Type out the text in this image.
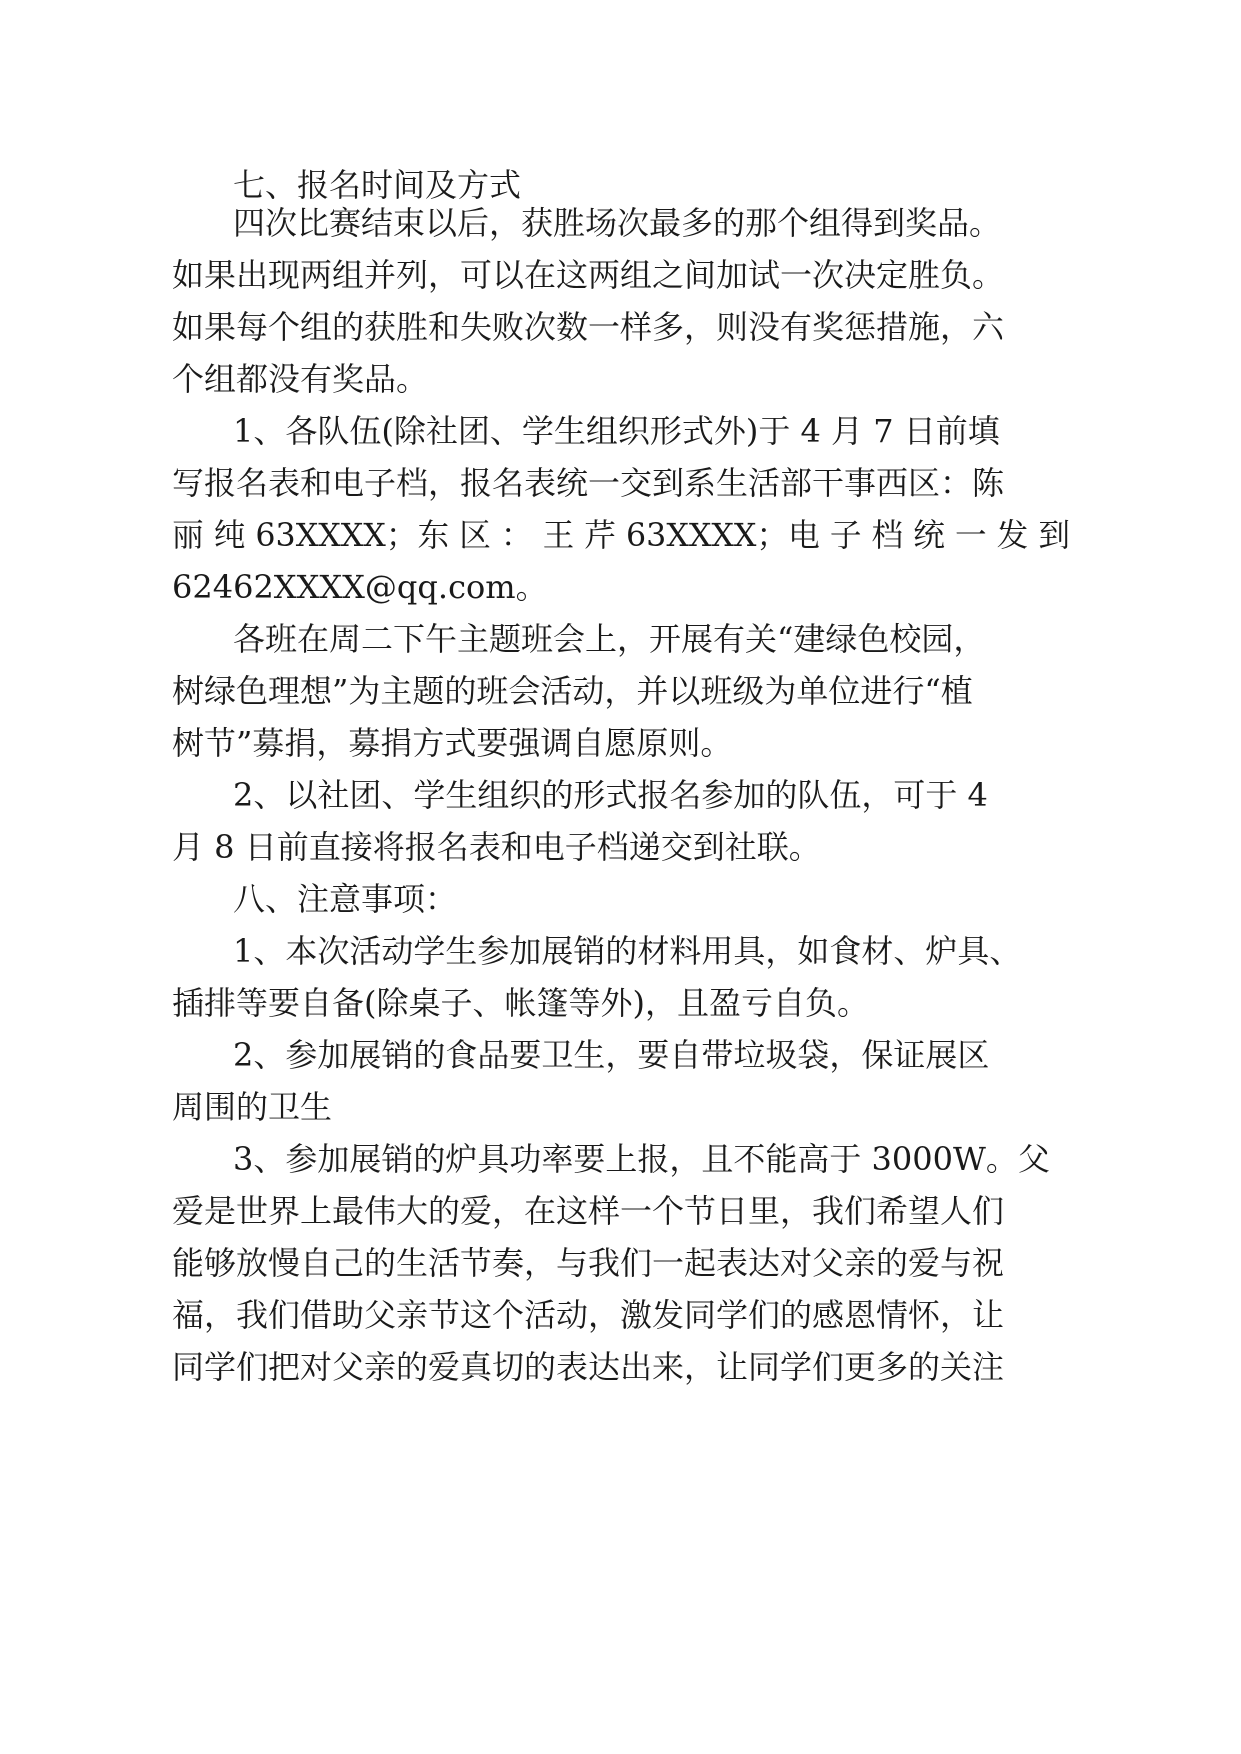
七、报名时间及方式
四次比赛结束以后，获胜场次最多的那个组得到奖品。
如果出现两组并列，可以在这两组之间加试一次决定胜负。
如果每个组的获胜和失败次数一样多，则没有奖惩措施，六
个组都没有奖品。
1、各队伍(除社团、学生组织形式外)于 4 月 7 日前填
写报名表和电子档，报名表统一交到系生活部干事西区：陈
丽 纯 63XXXX；东 区 ： 王 芹 63XXXX；电 子 档 统 一 发 到
62462XXXX@qq.com。
各班在周二下午主题班会上，开展有关“建绿色校园，
树绿色理想”为主题的班会活动，并以班级为单位进行“植
树节”募捐，募捐方式要强调自愿原则。
2、以社团、学生组织的形式报名参加的队伍，可于 4
月 8 日前直接将报名表和电子档递交到社联。
八、注意事项：
1、本次活动学生参加展销的材料用具，如食材、炉具、
插排等要自备(除桌子、帐篷等外)，且盈亏自负。
2、参加展销的食品要卫生，要自带垃圾袋，保证展区
周围的卫生
3、参加展销的炉具功率要上报，且不能高于 3000W。父
爱是世界上最伟大的爱，在这样一个节日里，我们希望人们
能够放慢自己的生活节奏，与我们一起表达对父亲的爱与祝
福，我们借助父亲节这个活动，激发同学们的感恩情怀，让
同学们把对父亲的爱真切的表达出来，让同学们更多的关注
